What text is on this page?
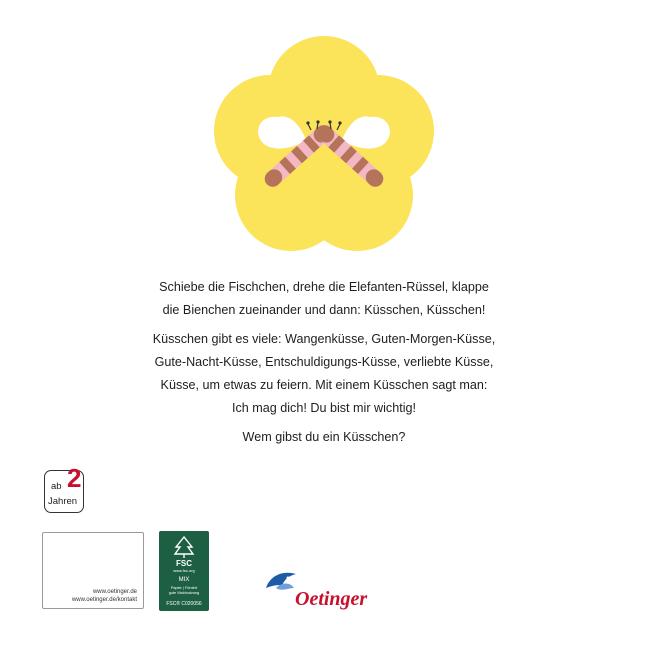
Schiebe die Fischchen, drehe die Elefanten-Rüssel, klappe
die Bienchen zueinander und dann: Küsschen, Küsschen!

Küsschen gibt es viele: Wangenküsse, Guten-Morgen-Küsse,
Gute-Nacht-Küsse, Entschuldigungs-Küsse, verliebte Küsse,
Küsse, um etwas zu feiern. Mit einem Küsschen sagt man:
Ich mag dich! Du bist mir wichtig!

Wem gibst du ein Küsschen?

ab 2
Jahren
www.oetinger.de
www.oetinger.de/kontakt
FSC
www.fsc.org
MIX
Papier | Fördert
gute Waldnutzung
FSC® C020056	Oetinger
